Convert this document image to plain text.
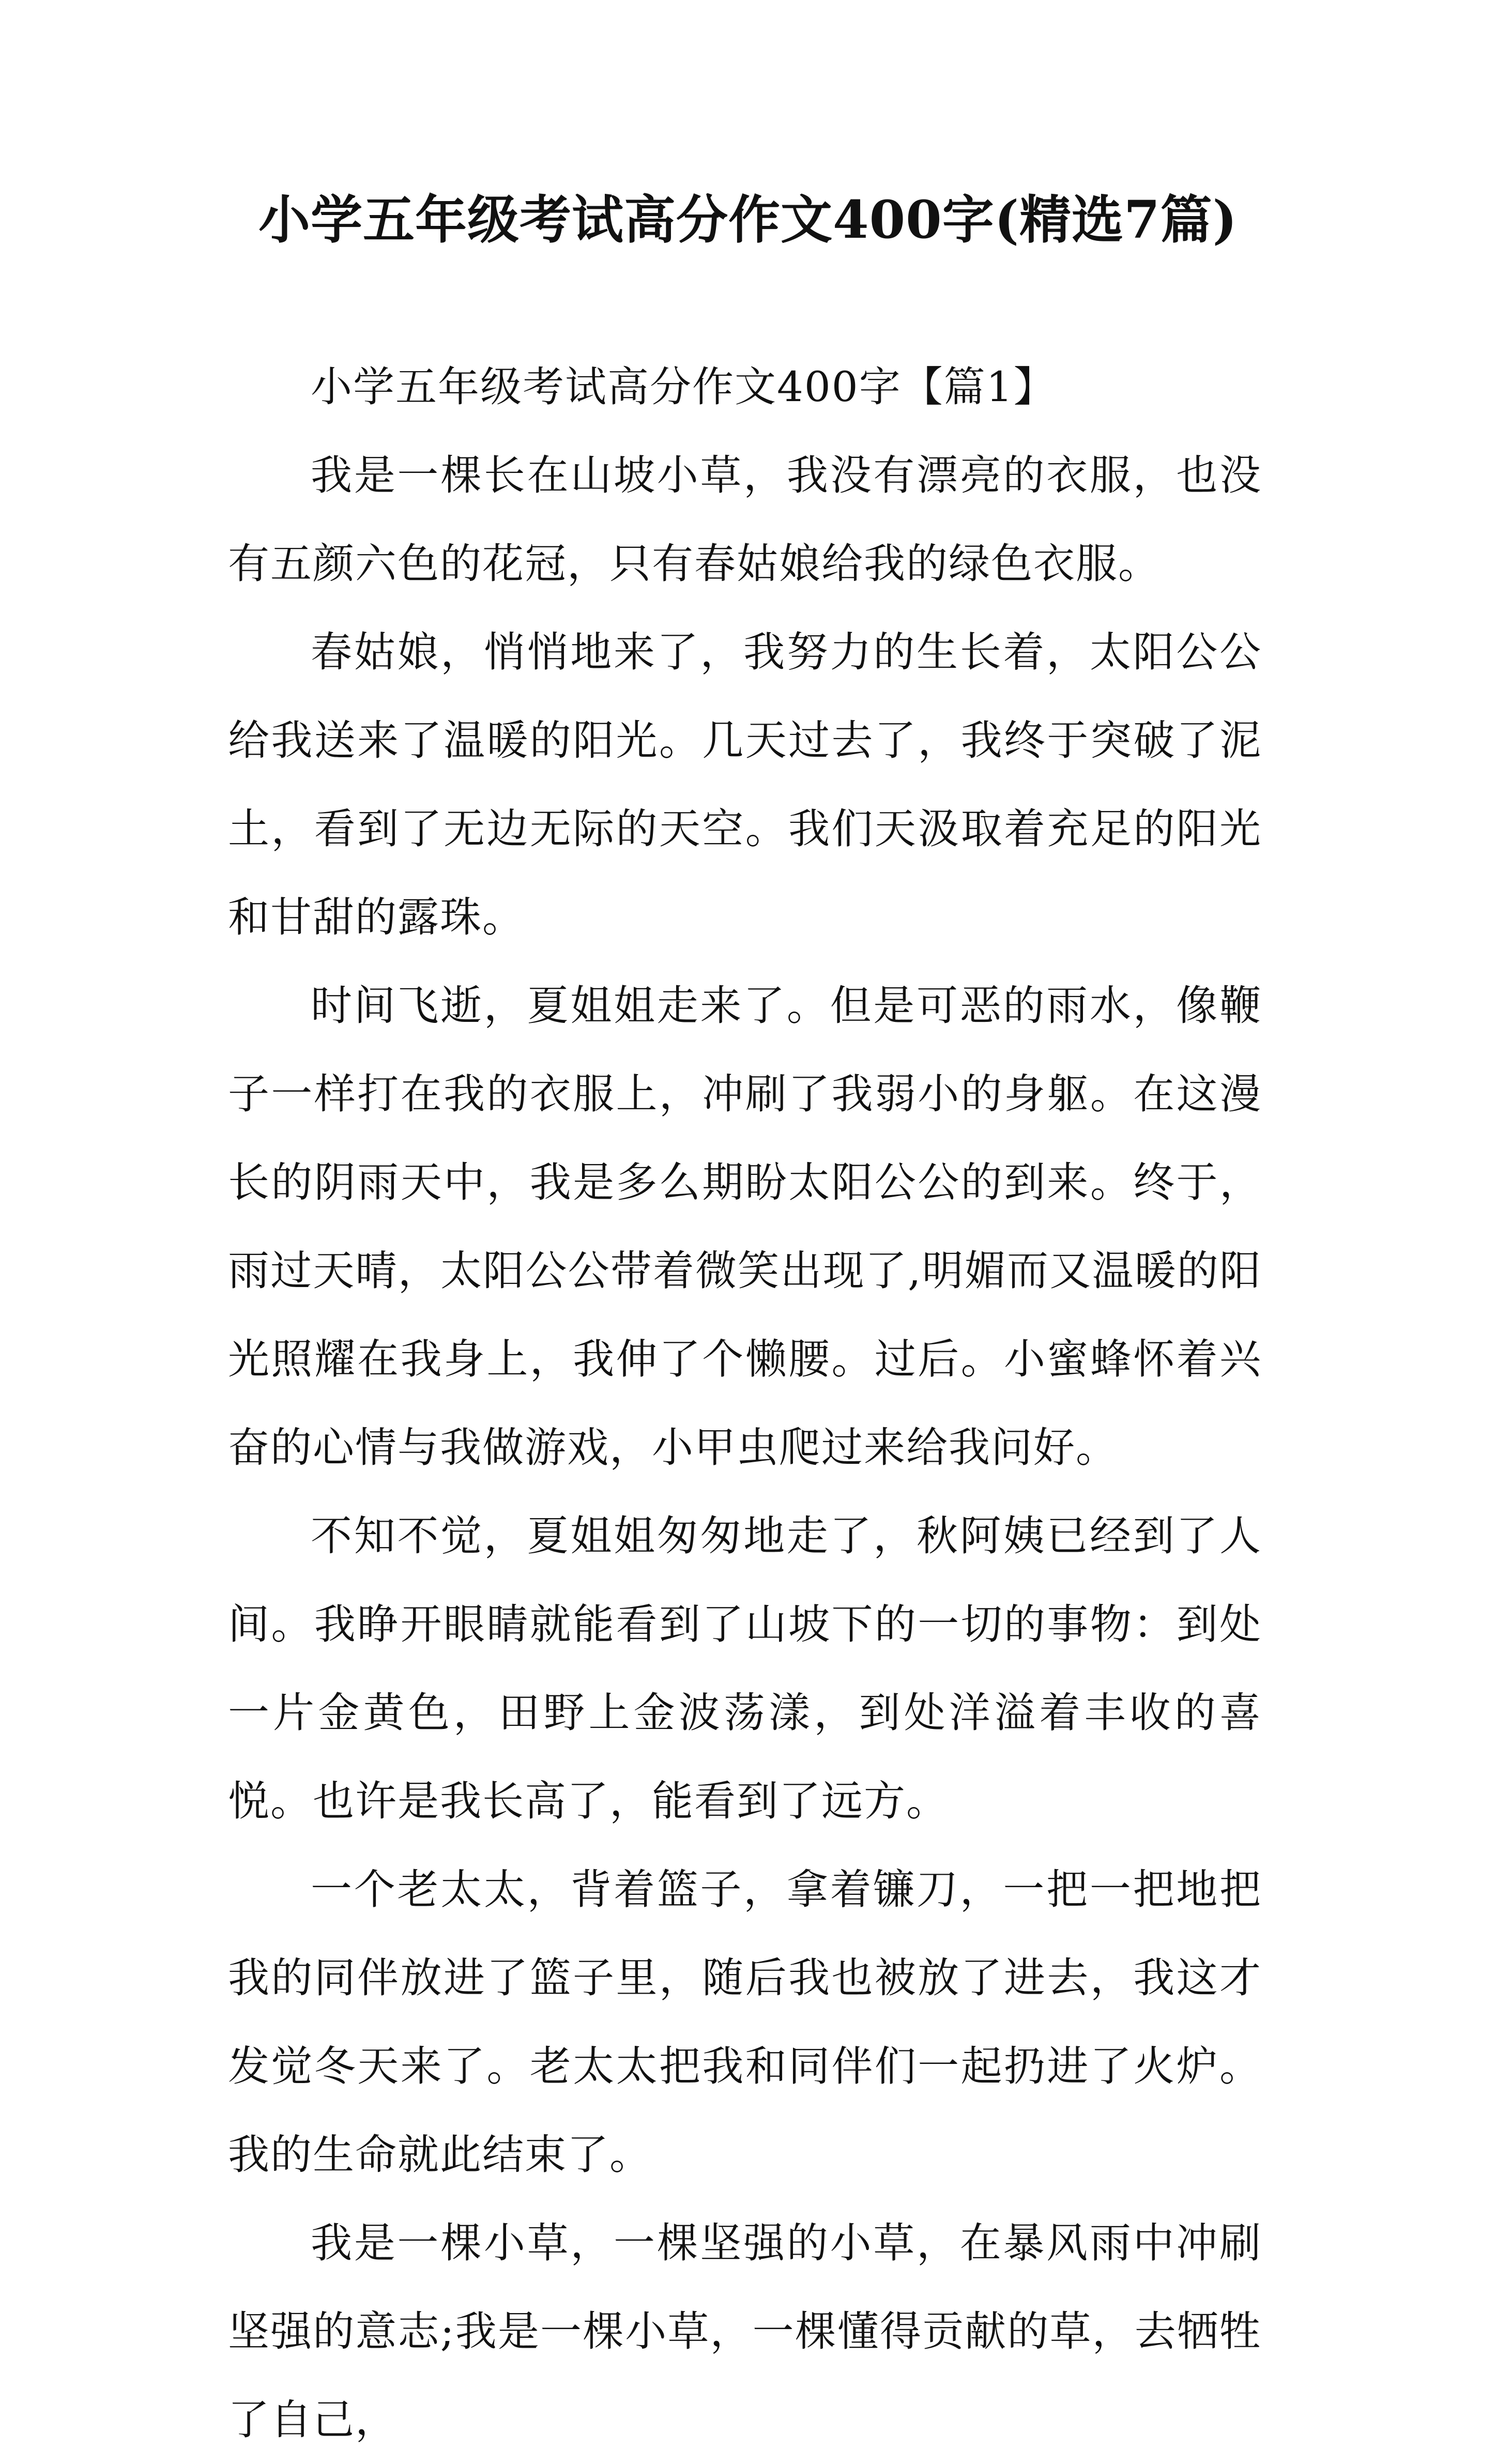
小学五年级考试高分作文400字(精选7篇)

小学五年级考试高分作文400字【篇1】

我是一棵长在山坡小草，我没有漂亮的衣服，也没有五颜六色的花冠，只有春姑娘给我的绿色衣服。

春姑娘，悄悄地来了，我努力的生长着，太阳公公给我送来了温暖的阳光。几天过去了，我终于突破了泥土，看到了无边无际的天空。我们天汲取着充足的阳光和甘甜的露珠。

时间飞逝，夏姐姐走来了。但是可恶的雨水，像鞭子一样打在我的衣服上，冲刷了我弱小的身躯。在这漫长的阴雨天中，我是多么期盼太阳公公的到来。终于，雨过天晴，太阳公公带着微笑出现了,明媚而又温暖的阳光照耀在我身上，我伸了个懒腰。过后。小蜜蜂怀着兴奋的心情与我做游戏，小甲虫爬过来给我问好。

不知不觉，夏姐姐匆匆地走了，秋阿姨已经到了人间。我睁开眼睛就能看到了山坡下的一切的事物：到处一片金黄色，田野上金波荡漾，到处洋溢着丰收的喜悦。也许是我长高了，能看到了远方。

一个老太太，背着篮子，拿着镰刀，一把一把地把我的同伴放进了篮子里，随后我也被放了进去，我这才发觉冬天来了。老太太把我和同伴们一起扔进了火炉。我的生命就此结束了。

我是一棵小草，一棵坚强的小草，在暴风雨中冲刷坚强的意志;我是一棵小草，一棵懂得贡献的草，去牺牲了自己，
